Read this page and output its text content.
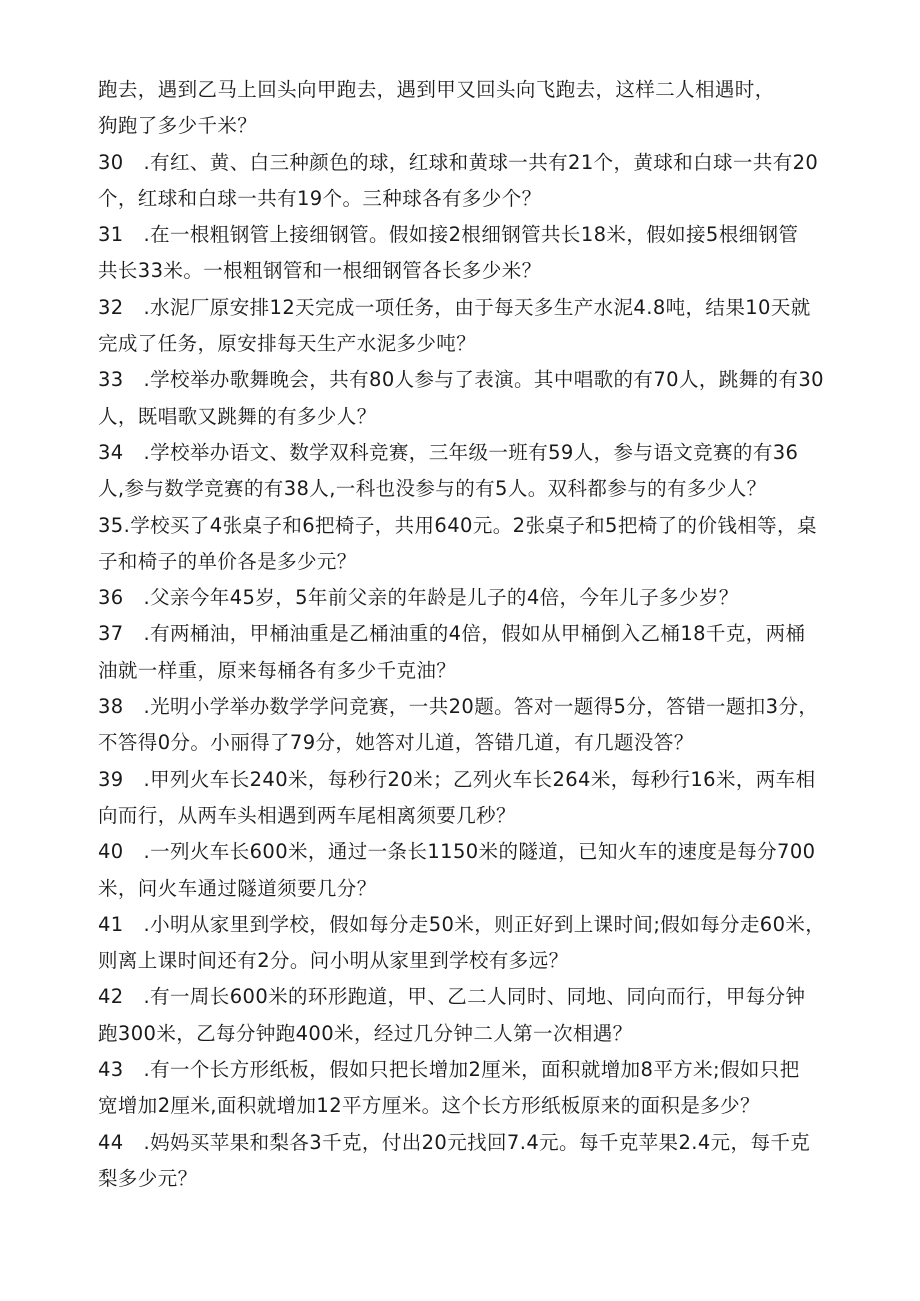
跑去，遇到乙马上回头向甲跑去，遇到甲又回头向飞跑去，这样二人相遇时，
狗跑了多少千米？
30　.有红、黄、白三种颜色的球，红球和黄球一共有21个，黄球和白球一共有20
个，红球和白球一共有19个。三种球各有多少个？
31　.在一根粗钢管上接细钢管。假如接2根细钢管共长18米，假如接5根细钢管
共长33米。一根粗钢管和一根细钢管各长多少米？
32　.水泥厂原安排12天完成一项任务，由于每天多生产水泥4.8吨，结果10天就
完成了任务，原安排每天生产水泥多少吨？
33　.学校举办歌舞晚会，共有80人参与了表演。其中唱歌的有70人，跳舞的有30
人，既唱歌又跳舞的有多少人？
34　.学校举办语文、数学双科竞赛，三年级一班有59人，参与语文竞赛的有36
人,参与数学竞赛的有38人,一科也没参与的有5人。双科都参与的有多少人？
35.学校买了4张桌子和6把椅子，共用640元。2张桌子和5把椅了的价钱相等，桌
子和椅子的单价各是多少元？
36　.父亲今年45岁，5年前父亲的年龄是儿子的4倍，今年儿子多少岁？
37　.有两桶油，甲桶油重是乙桶油重的4倍，假如从甲桶倒入乙桶18千克，两桶
油就一样重，原来每桶各有多少千克油？
38　.光明小学举办数学学问竞赛，一共20题。答对一题得5分，答错一题扣3分，
不答得0分。小丽得了79分，她答对儿道，答错几道，有几题没答？
39　.甲列火车长240米，每秒行20米；乙列火车长264米，每秒行16米，两车相
向而行，从两车头相遇到两车尾相离须要几秒？
40　.一列火车长600米，通过一条长1150米的隧道，已知火车的速度是每分700
米，问火车通过隧道须要几分？
41　.小明从家里到学校，假如每分走50米，则正好到上课时间;假如每分走60米，
则离上课时间还有2分。问小明从家里到学校有多远？
42　.有一周长600米的环形跑道，甲、乙二人同时、同地、同向而行，甲每分钟
跑300米，乙每分钟跑400米，经过几分钟二人第一次相遇？
43　.有一个长方形纸板，假如只把长增加2厘米，面积就增加8平方米;假如只把
宽增加2厘米,面积就增加12平方厘米。这个长方形纸板原来的面积是多少？
44　.妈妈买苹果和梨各3千克，付出20元找回7.4元。每千克苹果2.4元，每千克
梨多少元？
